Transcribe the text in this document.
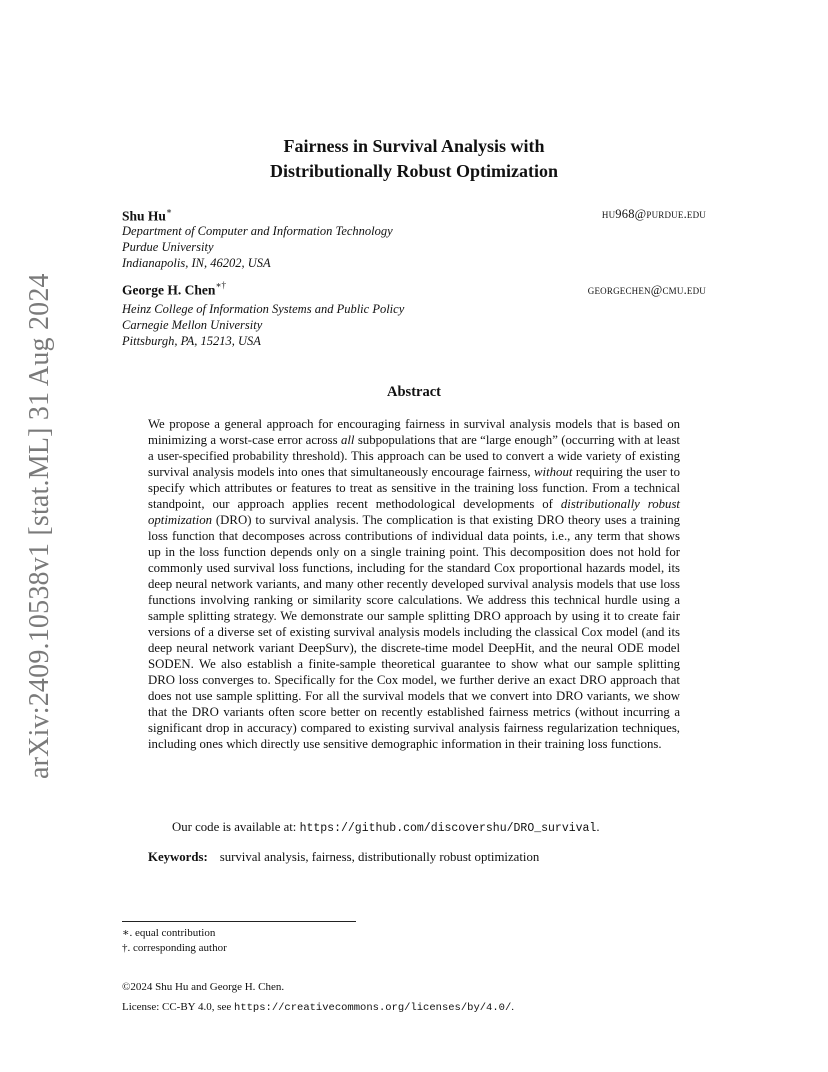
arXiv:2409.10538v1 [stat.ML] 31 Aug 2024
Fairness in Survival Analysis with
Distributionally Robust Optimization
Shu Hu∗	hu968@purdue.edu
Department of Computer and Information Technology
Purdue University
Indianapolis, IN, 46202, USA
George H. Chen∗†	georgechen@cmu.edu
Heinz College of Information Systems and Public Policy
Carnegie Mellon University
Pittsburgh, PA, 15213, USA
Abstract
We propose a general approach for encouraging fairness in survival analysis models that is based on minimizing a worst-case error across all subpopulations that are “large enough” (occurring with at least a user-specified probability threshold). This approach can be used to convert a wide variety of existing survival analysis models into ones that simultaneously encourage fairness, without requiring the user to specify which attributes or features to treat as sensitive in the training loss function. From a technical standpoint, our approach applies recent methodological developments of distributionally robust optimization (DRO) to survival analysis. The complication is that existing DRO theory uses a training loss function that decomposes across contributions of individual data points, i.e., any term that shows up in the loss function depends only on a single training point. This decomposition does not hold for commonly used survival loss functions, including for the standard Cox proportional hazards model, its deep neural network variants, and many other recently developed survival analysis models that use loss functions involving ranking or similarity score calculations. We address this technical hurdle using a sample splitting strategy. We demonstrate our sample splitting DRO approach by using it to create fair versions of a diverse set of existing survival analysis models including the classical Cox model (and its deep neural network variant DeepSurv), the discrete-time model DeepHit, and the neural ODE model SODEN. We also establish a finite-sample theoretical guarantee to show what our sample splitting DRO loss converges to. Specifically for the Cox model, we further derive an exact DRO approach that does not use sample splitting. For all the survival models that we convert into DRO variants, we show that the DRO variants often score better on recently established fairness metrics (without incurring a significant drop in accuracy) compared to existing survival analysis fairness regularization techniques, including ones which directly use sensitive demographic information in their training loss functions.
Our code is available at: https://github.com/discovershu/DRO_survival.
Keywords: survival analysis, fairness, distributionally robust optimization
∗. equal contribution
†. corresponding author
©2024 Shu Hu and George H. Chen.
License: CC-BY 4.0, see https://creativecommons.org/licenses/by/4.0/.
